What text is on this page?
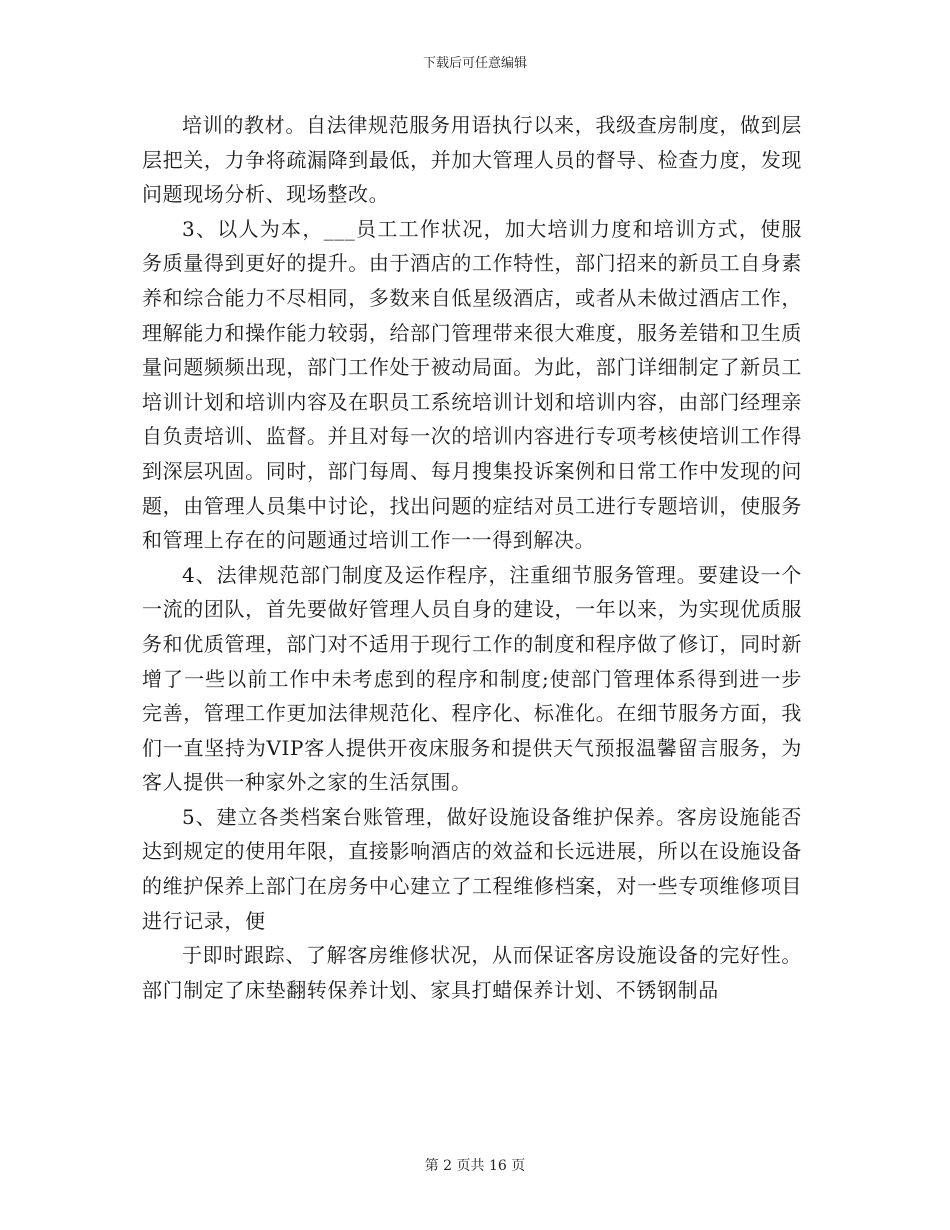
下载后可任意编辑

培训的教材。自法律规范服务用语执行以来，我级查房制度，做到层层把关，力争将疏漏降到最低，并加大管理人员的督导、检查力度，发现问题现场分析、现场整改。

3、以人为本，___员工工作状况，加大培训力度和培训方式，使服务质量得到更好的提升。由于酒店的工作特性，部门招来的新员工自身素养和综合能力不尽相同，多数来自低星级酒店，或者从未做过酒店工作，理解能力和操作能力较弱，给部门管理带来很大难度，服务差错和卫生质量问题频频出现，部门工作处于被动局面。为此，部门详细制定了新员工培训计划和培训内容及在职员工系统培训计划和培训内容，由部门经理亲自负责培训、监督。并且对每一次的培训内容进行专项考核使培训工作得到深层巩固。同时，部门每周、每月搜集投诉案例和日常工作中发现的问题，由管理人员集中讨论，找出问题的症结对员工进行专题培训，使服务和管理上存在的问题通过培训工作一一得到解决。

4、法律规范部门制度及运作程序，注重细节服务管理。要建设一个一流的团队，首先要做好管理人员自身的建设，一年以来，为实现优质服务和优质管理，部门对不适用于现行工作的制度和程序做了修订，同时新增了一些以前工作中未考虑到的程序和制度;使部门管理体系得到进一步完善，管理工作更加法律规范化、程序化、标准化。在细节服务方面，我们一直坚持为VIP客人提供开夜床服务和提供天气预报温馨留言服务，为客人提供一种家外之家的生活氛围。

5、建立各类档案台账管理，做好设施设备维护保养。客房设施能否达到规定的使用年限，直接影响酒店的效益和长远进展，所以在设施设备的维护保养上部门在房务中心建立了工程维修档案，对一些专项维修项目进行记录，便

于即时跟踪、了解客房维修状况，从而保证客房设施设备的完好性。部门制定了床垫翻转保养计划、家具打蜡保养计划、不锈钢制品

第 2 页共 16 页
